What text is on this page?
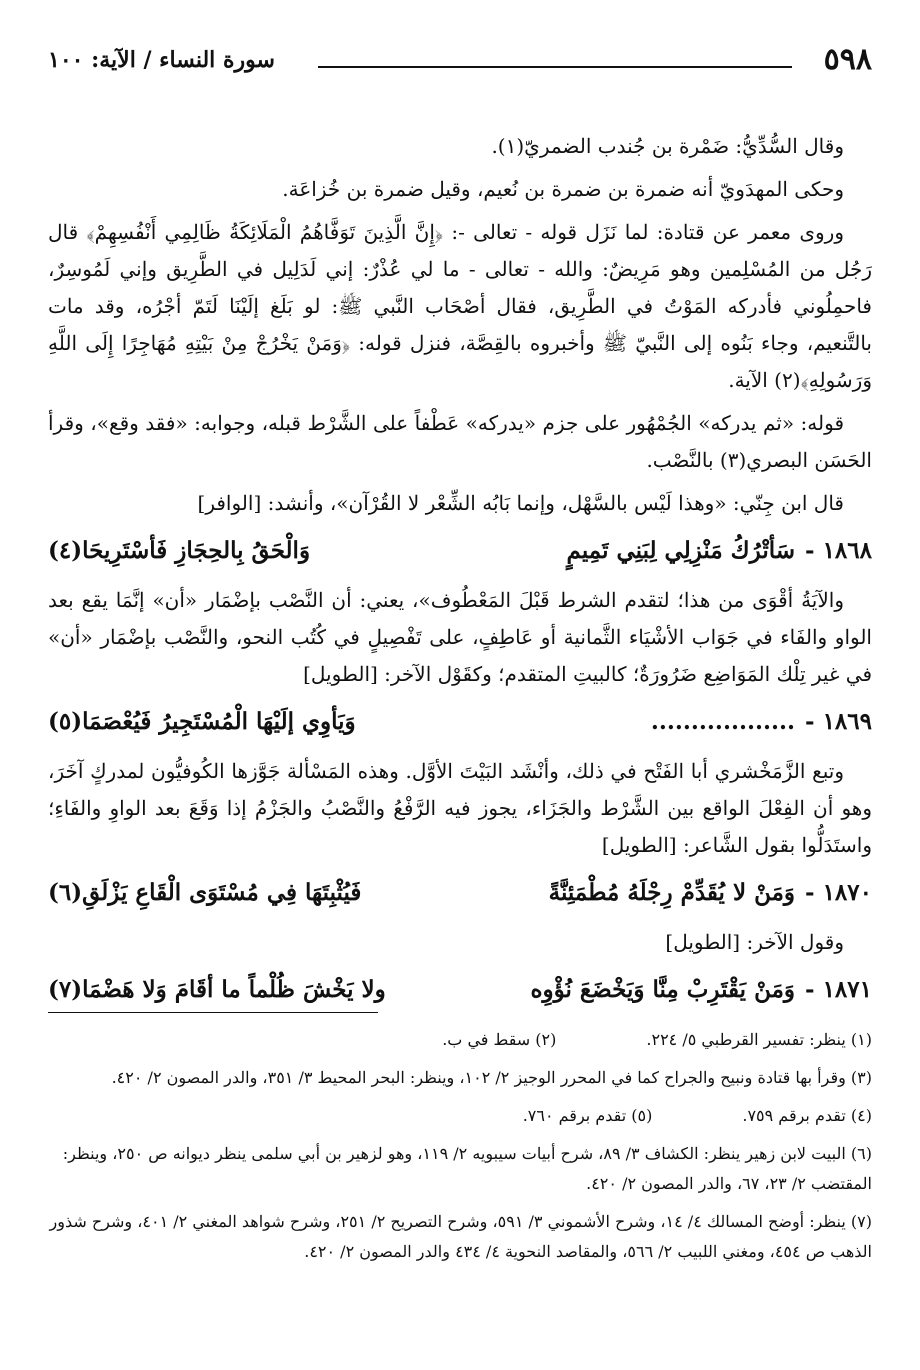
٥٩٨
سورة النساء / الآية: ١٠٠

وقال السُّدِّيُّ: ضَمْرة بن جُندب الضمريّ(١).

وحكى المهدَويّ أنه ضمرة بن ضمرة بن نُعيم، وقيل ضمرة بن خُزاعَة.

وروى معمر عن قتادة: لما نَزَل قوله - تعالى -: ﴿إِنَّ الَّذِينَ تَوَفَّاهُمُ الْمَلَائِكَةُ ظَالِمِي أَنْفُسِهِمْ﴾ قال رَجُل من المُسْلِمين وهو مَرِيضٌ: والله - تعالى - ما لي عُذْرٌ: إني لَدَلِيل في الطَّرِيق وإني لَمُوسِرٌ، فاحمِلُوني فأدركه المَوْتُ في الطَّرِيق، فقال أصْحَاب النَّبي ﷺ: لو بَلَغ إلَيْنَا لَتَمّ أجْرُه، وقد مات بالتَّنعيم، وجاء بَنُوه إلى النَّبيّ ﷺ وأخبروه بالقِصَّة، فنزل قوله: ﴿وَمَنْ يَخْرُجْ مِنْ بَيْتِهِ مُهَاجِرًا إِلَى اللَّهِ وَرَسُولِهِ﴾(٢) الآية.

قوله: «ثم يدركه» الجُمْهُور على جزم «يدركه» عَطْفاً على الشَّرْط قبله، وجوابه: «فقد وقع»، وقرأ الحَسَن البصري(٣) بالنَّصْب.

قال ابن جِنّي: «وهذا لَيْس بالسَّهْل، وإنما بَابُه الشِّعْر لا القُرْآن»، وأنشد: [الوافر]

١٨٦٨ -
سَأتْرُكُ مَنْزِلِي لِبَنِي تَمِيمٍ
وَالْحَقُ بِالحِجَازِ فَأسْتَرِيحَا(٤)

والآيَةُ أقْوَى من هذا؛ لتقدم الشرط قَبْلَ المَعْطُوف»، يعني: أن النَّصْب بإضْمَار «أن» إنَّمَا يقع بعد الواو والفَاء في جَوَاب الأشْيَاء الثَّمانية أو عَاطِفٍ، على تَفْصِيلٍ في كُتُب النحو، والنَّصْب بإضْمَار «أن» في غير تِلْك المَوَاضِع ضَرُورَةٌ؛ كالبيتِ المتقدم؛ وكقَوْل الآخر: [الطويل]

١٨٦٩ -
..................
وَيَأوِي إلَيْهَا الْمُسْتَجِيرُ فَيُعْصَمَا(٥)

وتبع الزَّمَخْشري أبا الفَتْح في ذلك، وأنْشَد البَيْتَ الأوَّل. وهذه المَسْألة جَوَّزها الكُوفيُّون لمدركٍ آخَرَ، وهو أن الفِعْلَ الواقع بين الشَّرْط والجَزَاء، يجوز فيه الرَّفْعُ والنَّصْبُ والجَزْمُ إذا وَقَعَ بعد الواوِ والفَاءِ؛ واستَدَلُّوا بقول الشَّاعر: [الطويل]

١٨٧٠ -
وَمَنْ لا يُقَدِّمْ رِجْلَهُ مُطْمَئِنَّةً
فَيُثْبِتَهَا فِي مُسْتَوَى الْقَاعِ يَزْلَقِ(٦)

وقول الآخر: [الطويل]

١٨٧١ -
وَمَنْ يَقْتَرِبْ مِنَّا وَيَخْضَعَ نُؤْوِه
ولا يَخْشَ ظُلْماً ما أقَامَ وَلا هَضْمَا(٧)
(١) ينظر: تفسير القرطبي ٥/ ٢٢٤.
(٢) سقط في ب.
(٣) وقرأ بها قتادة ونبيح والجراح كما في المحرر الوجيز ٢/ ١٠٢، وينظر: البحر المحيط ٣/ ٣٥١، والدر المصون ٢/ ٤٢٠.
(٤) تقدم برقم ٧٥٩.
(٥) تقدم برقم ٧٦٠.
(٦) البيت لابن زهير ينظر: الكشاف ٣/ ٨٩، شرح أبيات سيبويه ٢/ ١١٩، وهو لزهير بن أبي سلمى ينظر ديوانه ص ٢٥٠، وينظر: المقتضب ٢/ ٢٣، ٦٧، والدر المصون ٢/ ٤٢٠.
(٧) ينظر: أوضح المسالك ٤/ ١٤، وشرح الأشموني ٣/ ٥٩١، وشرح التصريح ٢/ ٢٥١، وشرح شواهد المغني ٢/ ٤٠١، وشرح شذور الذهب ص ٤٥٤، ومغني اللبيب ٢/ ٥٦٦، والمقاصد النحوية ٤/ ٤٣٤ والدر المصون ٢/ ٤٢٠.
